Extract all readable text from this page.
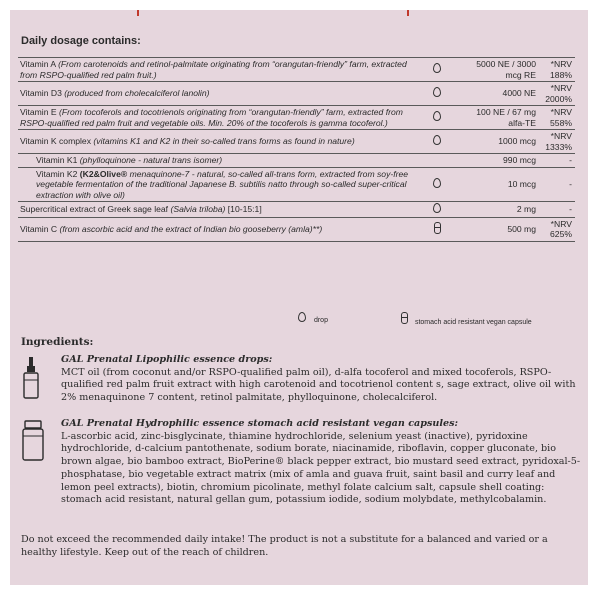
Daily dosage contains:
Vitamin A (From carotenoids and retinol-palmitate originating from “orangutan-friendly” farm, extracted from RSPO-qualified red palm fruit.)		5000 NE / 3000 mcg RE	*NRV 188%
Vitamin D3 (produced from cholecalciferol lanolin)		4000 NE	*NRV 2000%
Vitamin E (From tocoferols and tocotrienols originating from “orangutan-friendly” farm, extracted from RSPO-qualified red palm fruit and vegetable oils. Min. 20% of the tocoferols is gamma tocoferol.)		100 NE / 67 mg alfa-TE	*NRV 558%
Vitamin K complex (vitamins K1 and K2 in their so-called trans forms as found in nature)		1000 mcg	*NRV 1333%
Vitamin K1 (phylloquinone - natural trans isomer)		990 mcg	-
Vitamin K2 (K2&Olive® menaquinone-7 - natural, so-called all-trans form, extracted from soy-free vegetable fermentation of the traditional Japanese B. subtilis natto through so-called super-critical extraction with olive oil)		10 mcg	-
Supercritical extract of Greek sage leaf (Salvia triloba) [10-15:1]		2 mg	-
Vitamin C (from ascorbic acid and the extract of Indian bio gooseberry (amla)**)		500 mg	*NRV 625%
drop	stomach acid resistant vegan capsule
Ingredients:
GAL Prenatal Lipophilic essence drops:
MCT oil (from coconut and/or RSPO-qualified palm oil), d-alfa tocoferol and mixed tocoferols, RSPO-qualified red palm fruit extract with high carotenoid and tocotrienol content s, sage extract, olive oil with 2% menaquinone 7 content, retinol palmitate, phylloquinone, cholecalciferol.
GAL Prenatal Hydrophilic essence stomach acid resistant vegan capsules:
L-ascorbic acid, zinc-bisglycinate, thiamine hydrochloride, selenium yeast (inactive), pyridoxine hydrochloride, d-calcium pantothenate, sodium borate, niacinamide, riboflavin, copper gluconate, bio brown algae, bio bamboo extract, BioPerine® black pepper extract, bio mustard seed extract, pyridoxal-5-phosphatase, bio vegetable extract matrix (mix of amla and guava fruit, saint basil and curry leaf and lemon peel extracts), biotin, chromium picolinate, methyl folate calcium salt, capsule shell coating: stomach acid resistant, natural gellan gum, potassium iodide, sodium molybdate, methylcobalamin.
Do not exceed the recommended daily intake! The product is not a substitute for a balanced and varied or a healthy lifestyle. Keep out of the reach of children.
